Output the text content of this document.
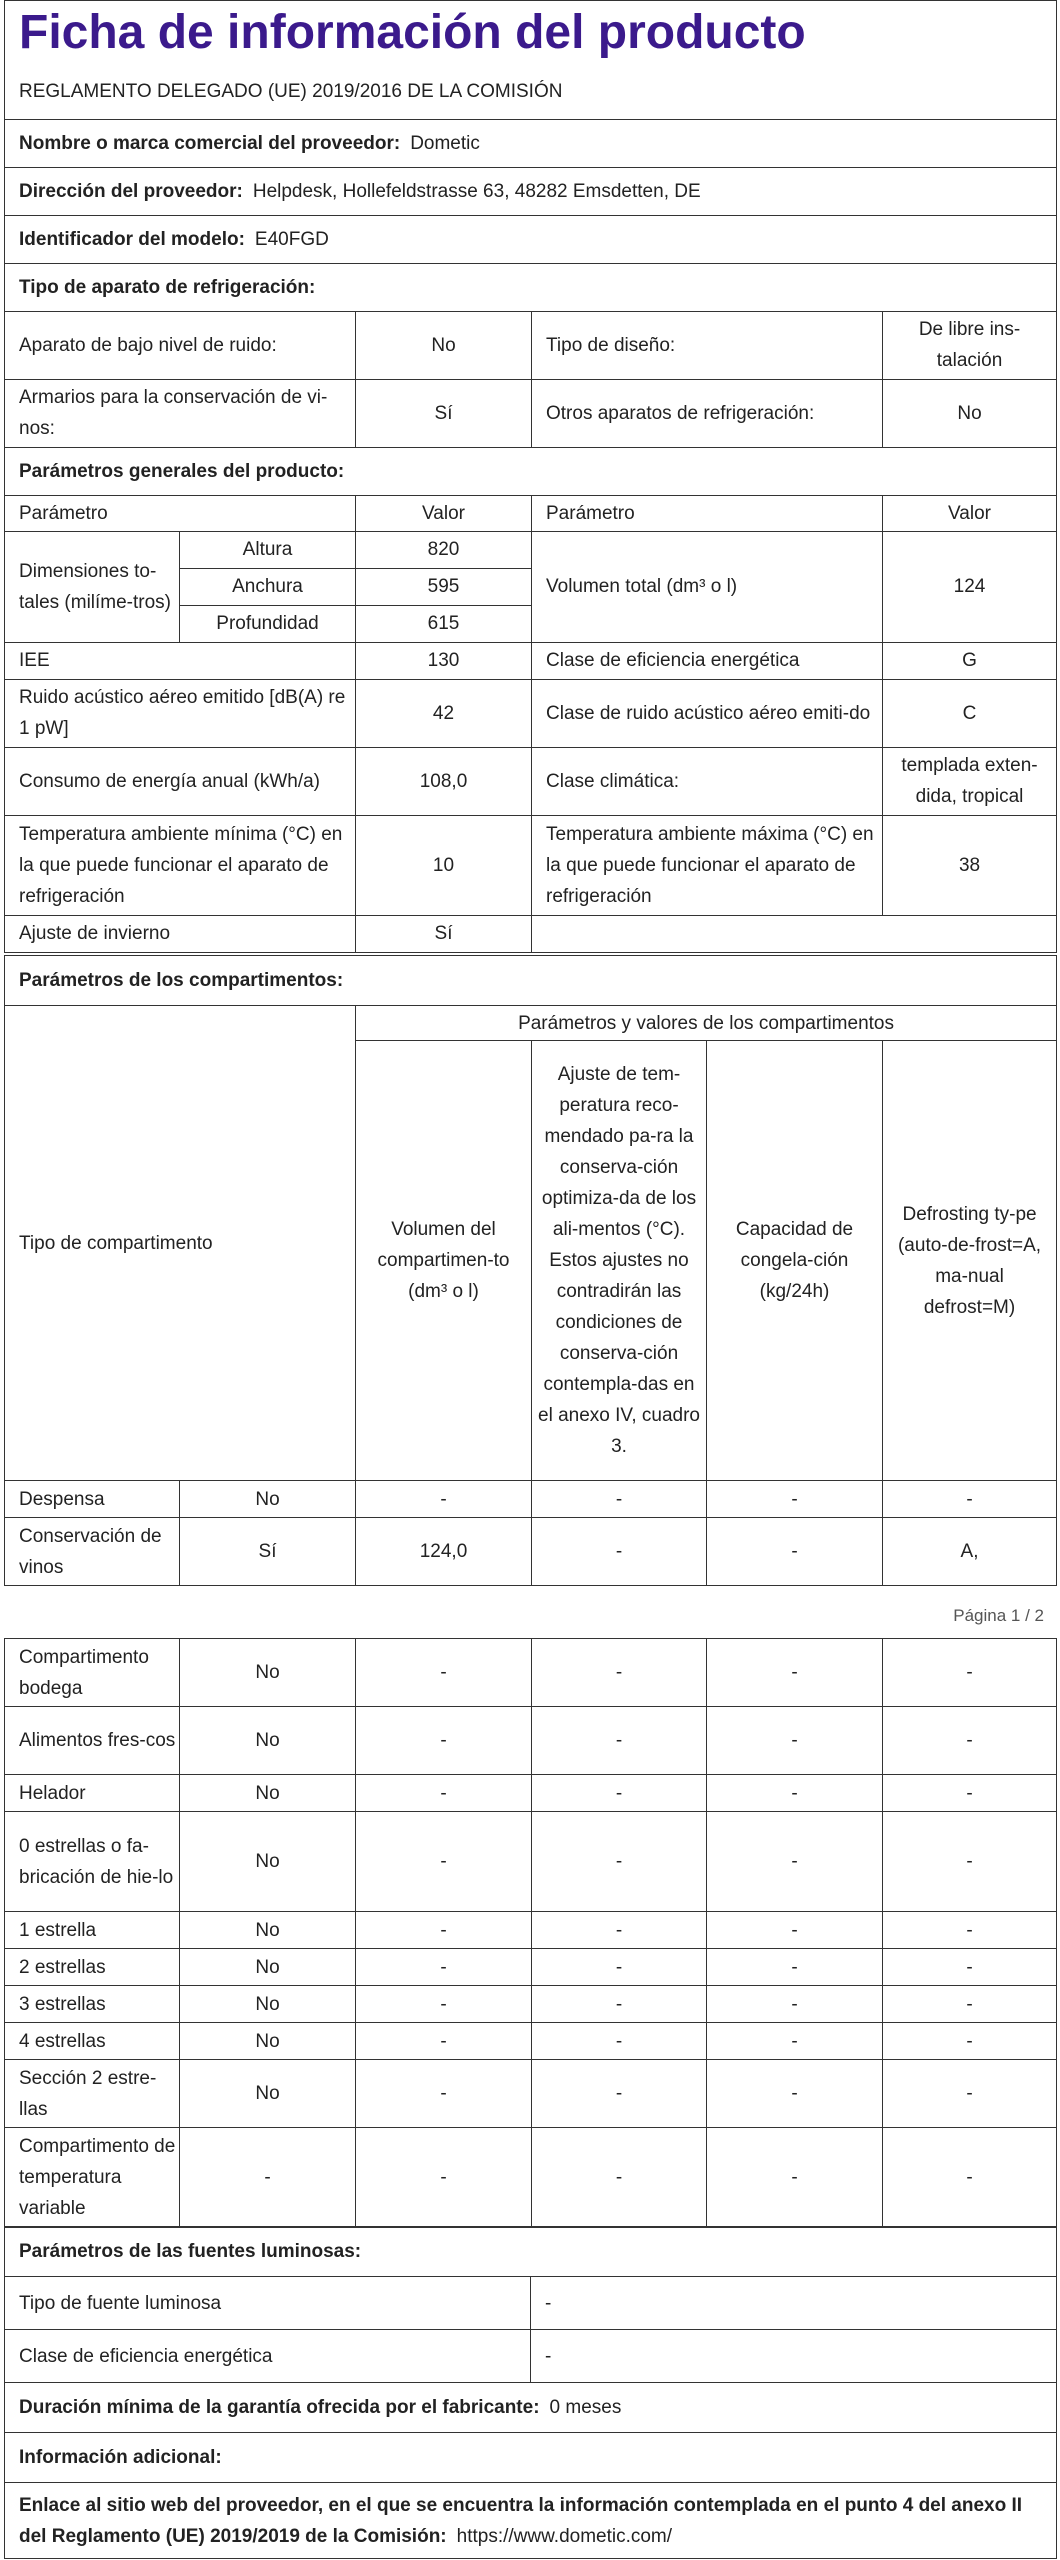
Ficha de información del producto				
REGLAMENTO DELEGADO (UE) 2019/2016 DE LA COMISIÓN				
Nombre o marca comercial del proveedor: Dometic				
Dirección del proveedor: Helpdesk, Hollefeldstrasse 63, 48282 Emsdetten, DE				
Identificador del modelo: E40FGD				
Tipo de aparato de refrigeración:				
Aparato de bajo nivel de ruido:		No	Tipo de diseño:	De libre ins-talación
Armarios para la conservación de vi-nos:		Sí	Otros aparatos de refrigeración:	No
Parámetros generales del producto:				
Parámetro		Valor	Parámetro	Valor
Dimensiones to-tales (milíme-tros)	Altura	820	Volumen total (dm³ o l)	124
	Anchura	595		
	Profundidad	615		
IEE		130	Clase de eficiencia energética	G
Ruido acústico aéreo emitido [dB(A) re 1 pW]		42	Clase de ruido acústico aéreo emiti-do	C
Consumo de energía anual (kWh/a)		108,0	Clase climática:	templada exten-dida, tropical
Temperatura ambiente mínima (°C) en la que puede funcionar el aparato de refrigeración		10	Temperatura ambiente máxima (°C) en la que puede funcionar el aparato de refrigeración	38
Ajuste de invierno		Sí		
Parámetros de los compartimentos:					
Tipo de compartimento		Parámetros y valores de los compartimentos			
		Volumen del compartimen-to (dm³ o l)	Ajuste de tem-peratura reco-mendado pa-ra la conserva-ción optimiza-da de los ali-mentos (°C). Estos ajustes no contradirán las condiciones de conserva-ción contempla-das en el anexo IV, cuadro 3.	Capacidad de congela-ción (kg/24h)	Defrosting ty-pe (auto-de-frost=A, ma-nual defrost=M)
Despensa	No	-	-	-	-
Conservación de vinos	Sí	124,0	-	-	A,
Página 1 / 2
Compartimento bodega	No	-	-	-	-
Alimentos fres-cos	No	-	-	-	-
Helador	No	-	-	-	-
0 estrellas o fa-bricación de hie-lo	No	-	-	-	-
1 estrella	No	-	-	-	-
2 estrellas	No	-	-	-	-
3 estrellas	No	-	-	-	-
4 estrellas	No	-	-	-	-
Sección 2 estre-llas	No	-	-	-	-
Compartimento de temperatura variable	-	-	-	-	-
Parámetros de las fuentes luminosas:	
Tipo de fuente luminosa	-
Clase de eficiencia energética	-
Duración mínima de la garantía ofrecida por el fabricante: 0 meses	
Información adicional:	
Enlace al sitio web del proveedor, en el que se encuentra la información contemplada en el punto 4 del anexo II del Reglamento (UE) 2019/2019 de la Comisión: https://www.dometic.com/	
